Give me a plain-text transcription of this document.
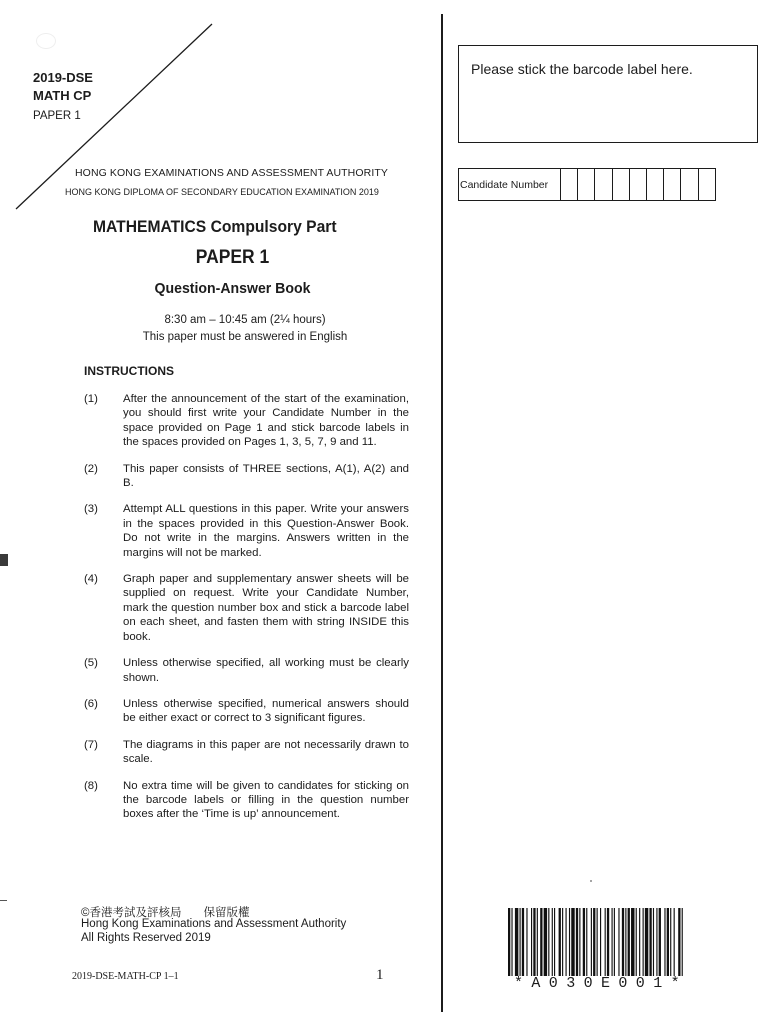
2019-DSE
MATH CP
PAPER 1
HONG KONG EXAMINATIONS AND ASSESSMENT AUTHORITY
HONG KONG DIPLOMA OF SECONDARY EDUCATION EXAMINATION 2019
MATHEMATICS Compulsory Part
PAPER 1
Question-Answer Book
8:30 am – 10:45 am (2¼ hours)
This paper must be answered in English
INSTRUCTIONS
(1)	After the announcement of the start of the examination, you should first write your Candidate Number in the space provided on Page 1 and stick barcode labels in the spaces provided on Pages 1, 3, 5, 7, 9 and 11.
(2)	This paper consists of THREE sections, A(1), A(2) and B.
(3)	Attempt ALL questions in this paper. Write your answers in the spaces provided in this Question-Answer Book. Do not write in the margins. Answers written in the margins will not be marked.
(4)	Graph paper and supplementary answer sheets will be supplied on request. Write your Candidate Number, mark the question number box and stick a barcode label on each sheet, and fasten them with string INSIDE this book.
(5)	Unless otherwise specified, all working must be clearly shown.
(6)	Unless otherwise specified, numerical answers should be either exact or correct to 3 significant figures.
(7)	The diagrams in this paper are not necessarily drawn to scale.
(8)	No extra time will be given to candidates for sticking on the barcode labels or filling in the question number boxes after the ‘Time is up’ announcement.
©香港考試及評核局 保留版權
Hong Kong Examinations and Assessment Authority
All Rights Reserved 2019
2019-DSE-MATH-CP 1–1	1
Please stick the barcode label here.
Candidate Number
*A030E001*
